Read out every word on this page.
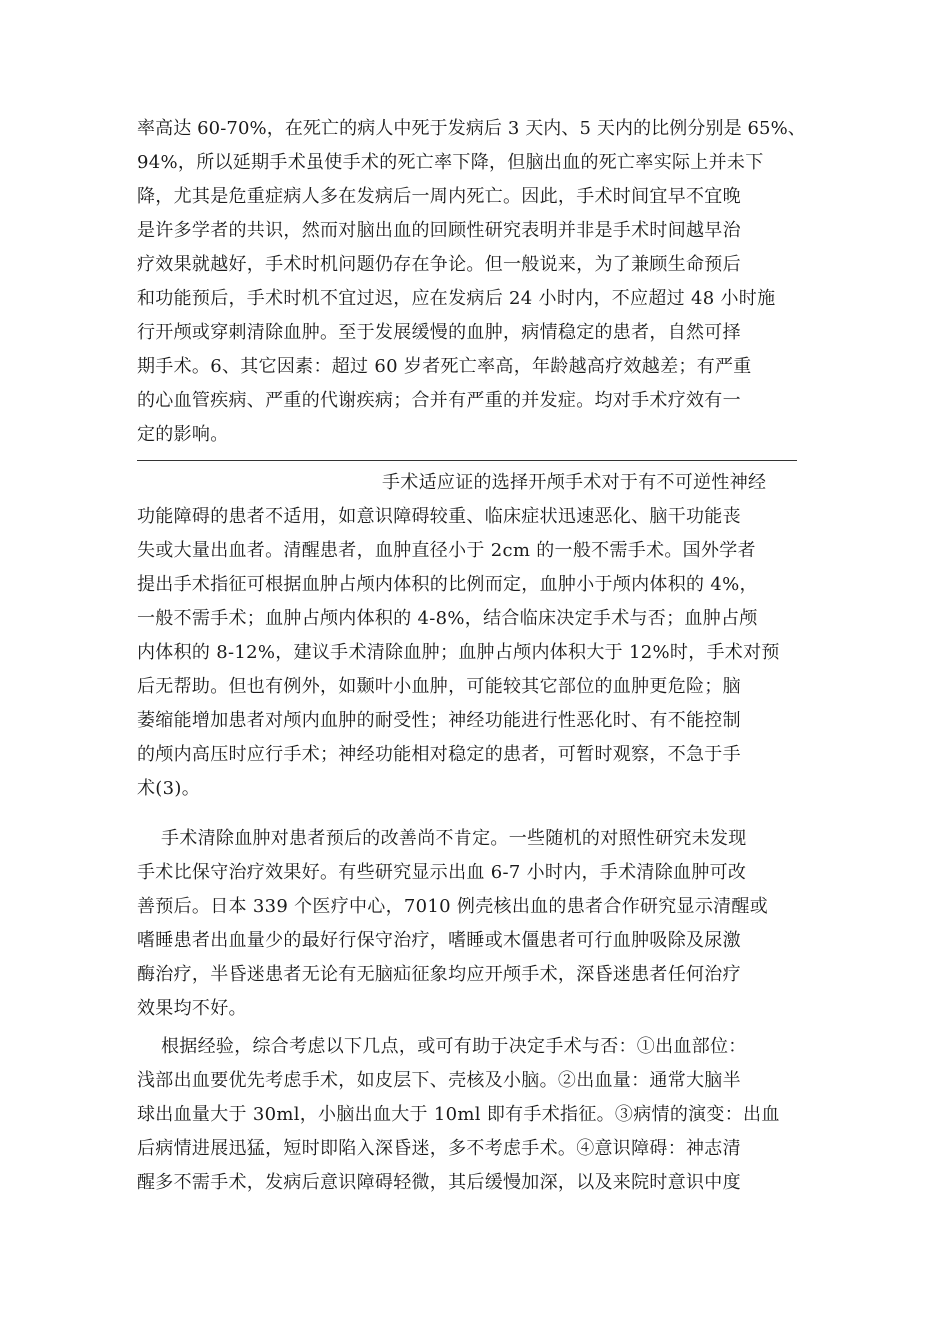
率高达 60-70%，在死亡的病人中死于发病后 3 天内、5 天内的比例分别是 65%、
94%，所以延期手术虽使手术的死亡率下降，但脑出血的死亡率实际上并未下
降，尤其是危重症病人多在发病后一周内死亡。因此，手术时间宜早不宜晚
是许多学者的共识，然而对脑出血的回顾性研究表明并非是手术时间越早治
疗效果就越好，手术时机问题仍存在争论。但一般说来，为了兼顾生命预后
和功能预后，手术时机不宜过迟，应在发病后 24 小时内，不应超过 48 小时施
行开颅或穿刺清除血肿。至于发展缓慢的血肿，病情稳定的患者，自然可择
期手术。6、其它因素：超过 60 岁者死亡率高，年龄越高疗效越差；有严重
的心血管疾病、严重的代谢疾病；合并有严重的并发症。均对手术疗效有一
定的影响。
手术适应证的选择开颅手术对于有不可逆性神经
功能障碍的患者不适用，如意识障碍较重、临床症状迅速恶化、脑干功能丧
失或大量出血者。清醒患者，血肿直径小于 2cm 的一般不需手术。国外学者
提出手术指征可根据血肿占颅内体积的比例而定，血肿小于颅内体积的 4%，
一般不需手术；血肿占颅内体积的 4-8%，结合临床决定手术与否；血肿占颅
内体积的 8-12%，建议手术清除血肿；血肿占颅内体积大于 12%时，手术对预
后无帮助。但也有例外，如颞叶小血肿，可能较其它部位的血肿更危险；脑
萎缩能增加患者对颅内血肿的耐受性；神经功能进行性恶化时、有不能控制
的颅内高压时应行手术；神经功能相对稳定的患者，可暂时观察，不急于手
术(3)。
手术清除血肿对患者预后的改善尚不肯定。一些随机的对照性研究未发现
手术比保守治疗效果好。有些研究显示出血 6-7 小时内，手术清除血肿可改
善预后。日本 339 个医疗中心，7010 例壳核出血的患者合作研究显示清醒或
嗜睡患者出血量少的最好行保守治疗，嗜睡或木僵患者可行血肿吸除及尿激
酶治疗，半昏迷患者无论有无脑疝征象均应开颅手术，深昏迷患者任何治疗
效果均不好。
根据经验，综合考虑以下几点，或可有助于决定手术与否：①出血部位：
浅部出血要优先考虑手术，如皮层下、壳核及小脑。②出血量：通常大脑半
球出血量大于 30ml，小脑出血大于 10ml 即有手术指征。③病情的演变：出血
后病情进展迅猛，短时即陷入深昏迷，多不考虑手术。④意识障碍：神志清
醒多不需手术，发病后意识障碍轻微，其后缓慢加深，以及来院时意识中度
